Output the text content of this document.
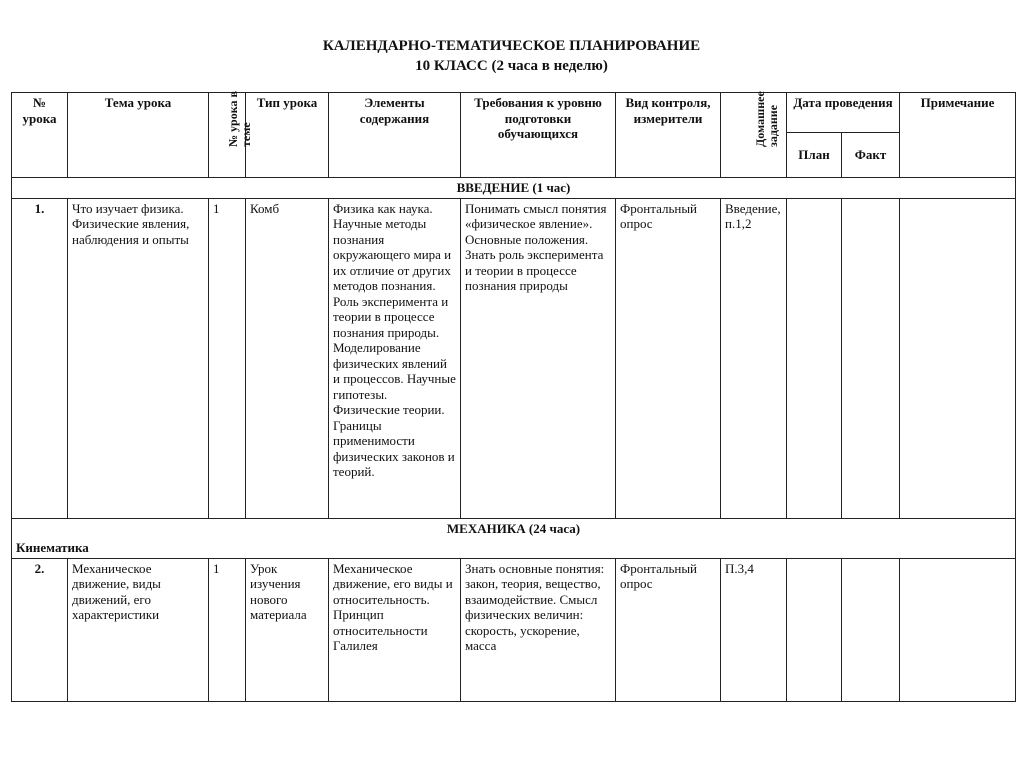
КАЛЕНДАРНО-ТЕМАТИЧЕСКОЕ ПЛАНИРОВАНИЕ
10 КЛАСС (2 часа в неделю)
№ урока	Тема урока	№ урока в теме	Тип урока	Элементы содержания	Требования к уровню подготовки обучающихся	Вид контроля, измерители	Домашнее задание	Дата проведения		Примечание
								План	Факт	
ВВЕДЕНИЕ (1 час)										
1.	Что изучает физика. Физические явления, наблюдения и опыты	1	Комб	Физика как наука. Научные методы познания окружающего мира и их отличие от других методов познания. Роль эксперимента и теории в процессе познания природы. Моделирование физических явлений и процессов. Научные гипотезы. Физические теории. Границы применимости физических законов и теорий.	Понимать смысл понятия «физическое явление». Основные положения. Знать роль эксперимента и теории в процессе познания природы	Фронтальный опрос	Введение, п.1,2			
МЕХАНИКА (24 часа)										
Кинематика										
2.	Механическое движение, виды движений, его характеристики	1	Урок изучения нового материала	Механическое движение, его виды и относительность. Принцип относительности Галилея	Знать основные понятия: закон, теория, вещество, взаимодействие. Смысл физических величин: скорость, ускорение, масса	Фронтальный опрос	П.3,4			
